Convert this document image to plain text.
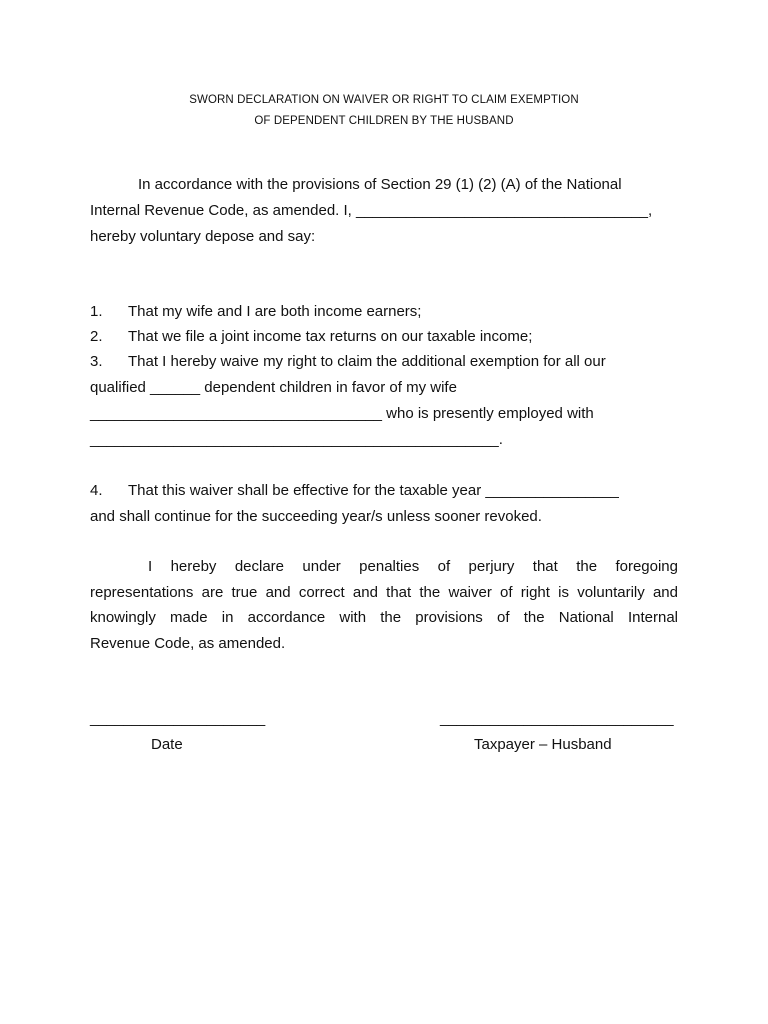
SWORN DECLARATION ON WAIVER OR RIGHT TO CLAIM EXEMPTION
OF DEPENDENT CHILDREN BY THE HUSBAND
In accordance with the provisions of Section 29 (1) (2) (A) of the National
Internal Revenue Code, as amended. I, ___________________________________,
hereby voluntary depose and say:
1. That my wife and I are both income earners;
2. That we file a joint income tax returns on our taxable income;
3. That I hereby waive my right to claim the additional exemption for all our
qualified ______ dependent children in favor of my wife
___________________________________ who is presently employed with
_________________________________________________.
4. That this waiver shall be effective for the taxable year ________________
and shall continue for the succeeding year/s unless sooner revoked.
I hereby declare under penalties of perjury that the foregoing
representations are true and correct and that the waiver of right is voluntarily and
knowingly made in accordance with the provisions of the National Internal
Revenue Code, as amended.
_____________________
Date
____________________________
Taxpayer – Husband
